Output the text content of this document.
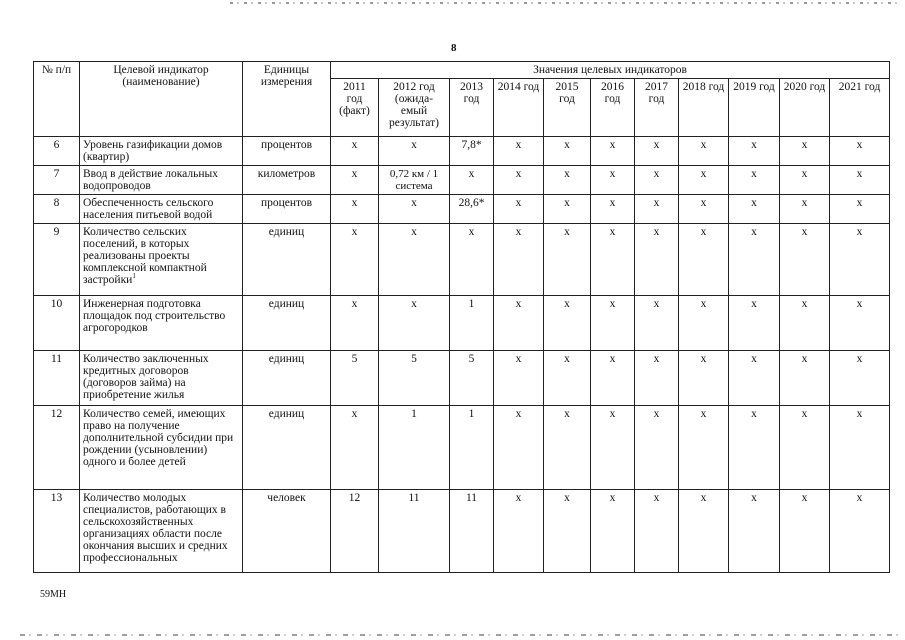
8
№ п/п	Целевой индикатор (наименование)	Единицы измерения	Значения целевых индикаторов										
			2011 год (факт)	2012 год (ожида-емый результат)	2013 год	2014 год	2015 год	2016 год	2017 год	2018 год	2019 год	2020 год	2021 год
6	Уровень газификации домов (квартир)	процентов	х	х	7,8*	х	х	х	х	х	х	х	х
7	Ввод в действие локальных водопроводов	километров	х	0,72 км / 1 система	х	х	х	х	х	х	х	х	х
8	Обеспеченность сельского населения питьевой водой	процентов	х	х	28,6*	х	х	х	х	х	х	х	х
9	Количество сельских поселений, в которых реализованы проекты комплексной компактной застройки$^1$	единиц	х	х	х	х	х	х	х	х	х	х	х
10	Инженерная подготовка площадок под строительство агрогородков	единиц	х	х	1	х	х	х	х	х	х	х	х
11	Количество заключенных кредитных договоров (договоров займа) на приобретение жилья	единиц	5	5	5	х	х	х	х	х	х	х	х
12	Количество семей, имеющих право на получение дополнительной субсидии при рождении (усыновлении) одного и более детей	единиц	х	1	1	х	х	х	х	х	х	х	х
13	Количество молодых специалистов, работающих в сельскохозяйственных организациях области после окончания высших и средних профессиональных	человек	12	11	11	х	х	х	х	х	х	х	х
59МН
